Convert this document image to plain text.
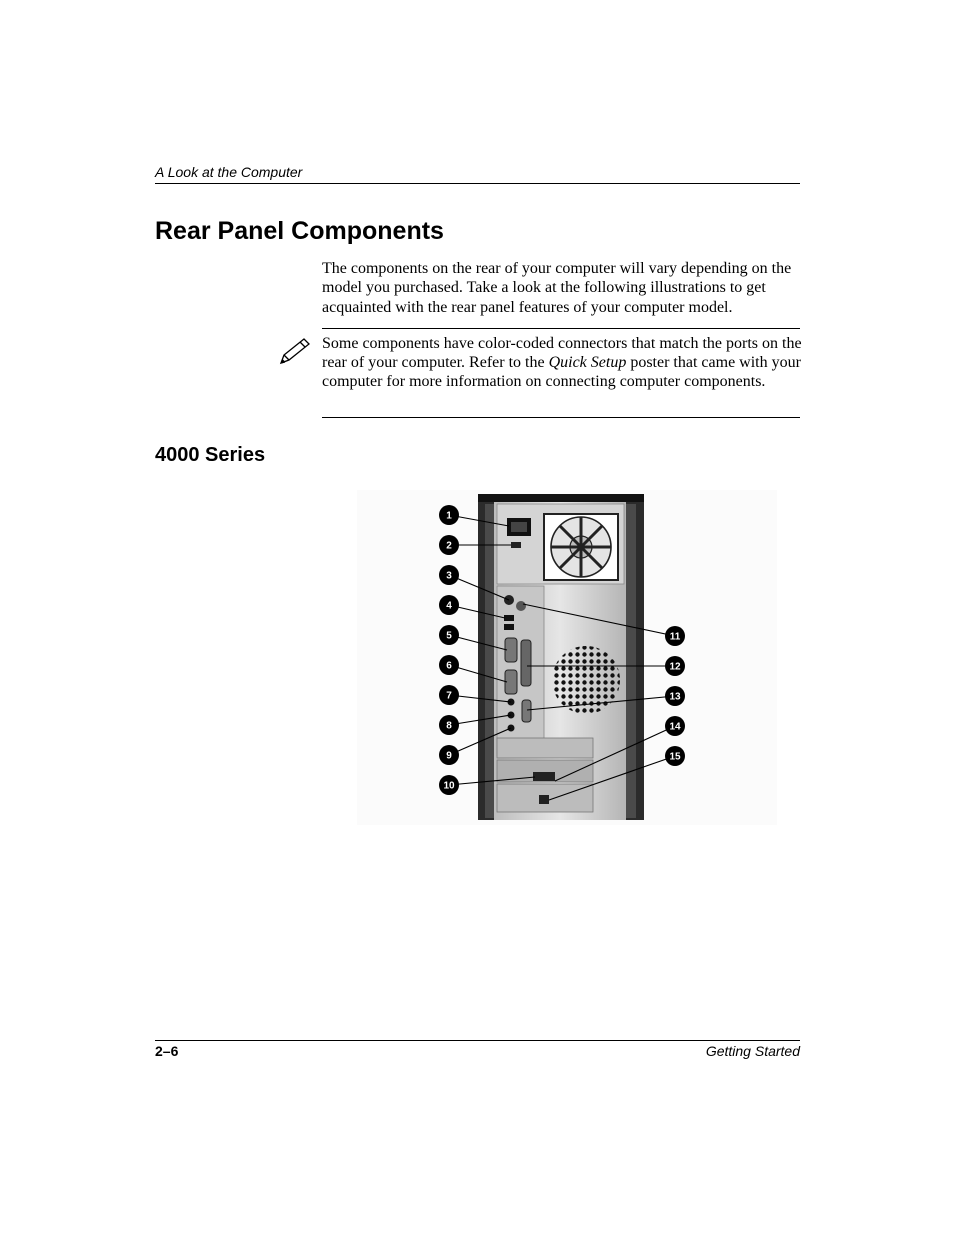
A Look at the Computer
Rear Panel Components

The components on the rear of your computer will vary depending on the model you purchased. Take a look at the following illustrations to get acquainted with the rear panel features of your computer model.

Some components have color-coded connectors that match the ports on the rear of your computer. Refer to the Quick Setup poster that came with your computer for more information on connecting computer components.

4000 Series
1
2
3
4
5
6
7
8
9
10
11
12
13
14
15
2–6	Getting Started
